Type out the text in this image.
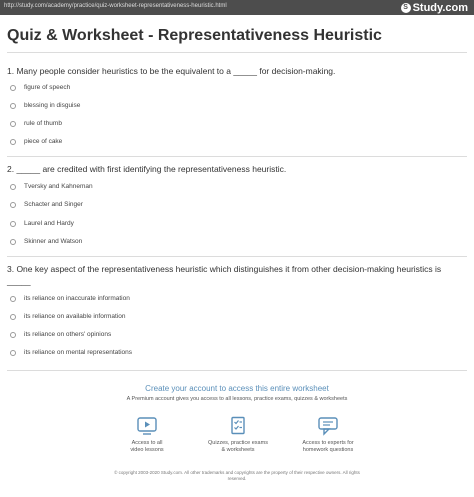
http://study.com/academy/practice/quiz-worksheet-representativeness-heuristic.html	S Study.com
Quiz & Worksheet - Representativeness Heuristic
1. Many people consider heuristics to be the equivalent to a _____ for decision-making.
figure of speech
blessing in disguise
rule of thumb
piece of cake
2. _____ are credited with first identifying the representativeness heuristic.
Tversky and Kahneman
Schacter and Singer
Laurel and Hardy
Skinner and Watson
3. One key aspect of the representativeness heuristic which distinguishes it from other decision-making heuristics is _____
its reliance on inaccurate information
its reliance on available information
its reliance on others' opinions
its reliance on mental representations
Create your account to access this entire worksheet
A Premium account gives you access to all lessons, practice exams, quizzes & worksheets
Access to all
video lessons
Quizzes, practice exams
& worksheets
Access to experts for
homework questions
© copyright 2003-2020 Study.com. All other trademarks and copyrights are the property of their respective owners. All rights
reserved.
